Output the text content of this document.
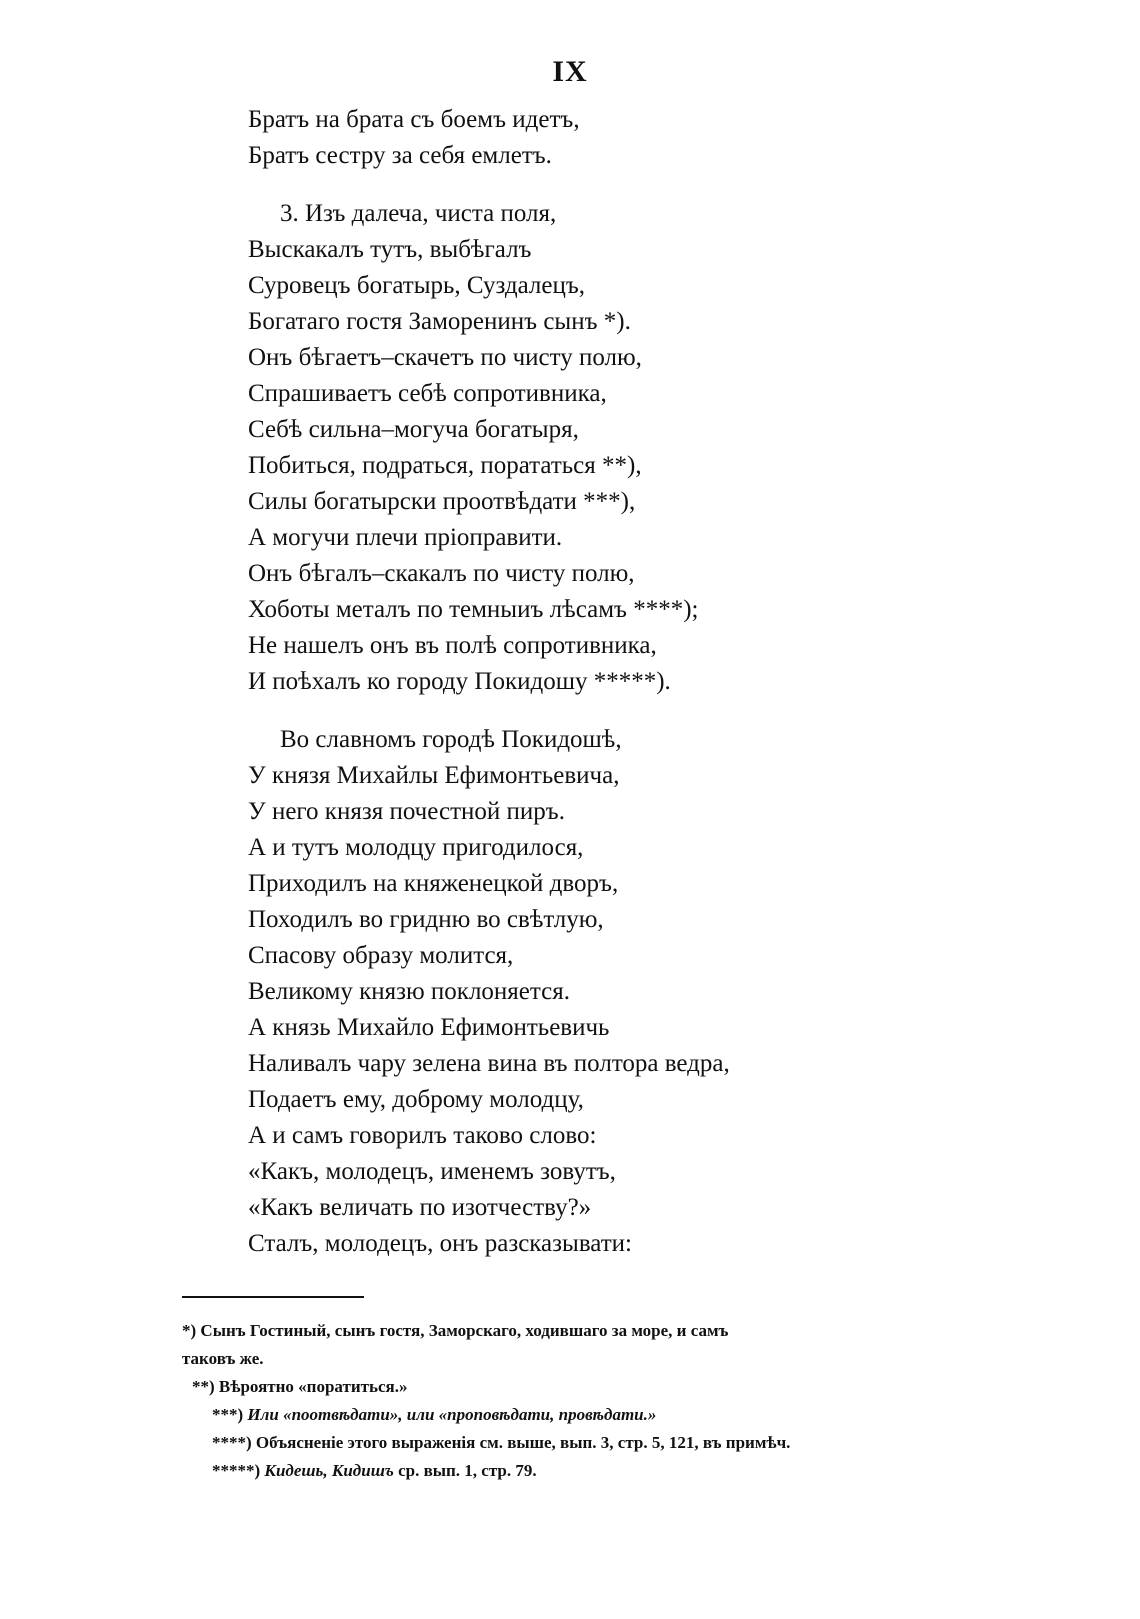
IX
Братъ на брата съ боемъ идетъ,
Братъ сестру за себя емлетъ.
3. Изъ далеча, чиста поля,
Выскакалъ тутъ, выбѣгалъ
Суровецъ богатырь, Суздалецъ,
Богатаго гостя Заморенинъ сынъ *).
Онъ бѣгаетъ–скачетъ по чисту полю,
Спрашиваетъ себѣ сопротивника,
Себѣ сильна–могуча богатыря,
Побиться, подраться, порататься **),
Силы богатырски проотвѣдати ***),
А могучи плечи прiоправити.
Онъ бѣгалъ–скакалъ по чисту полю,
Хоботы металъ по темныиъ лѣсамъ ****);
Не нашелъ онъ въ полѣ сопротивника,
И поѣхалъ ко городу Покидошу *****).
Во славномъ городѣ Покидошѣ,
У князя Михайлы Ефимонтьевича,
У него князя почестной пиръ.
А и тутъ молодцу пригодилося,
Приходилъ на княженецкой дворъ,
Походилъ во гридню во свѣтлую,
Спасову образу молится,
Великому князю поклоняется.
А князь Михайло Ефимонтьевичь
Наливалъ чару зелена вина въ полтора ведра,
Подаетъ ему, доброму молодцу,
А и самъ говорилъ таково слово:
«Какъ, молодецъ, именемъ зовутъ,
«Какъ величать по изотчеству?»
Сталъ, молодецъ, онъ разсказывати:
*) Сынъ Гостиный, сынъ гостя, Заморскаго, ходившаго за море, и самъ
таковъ же.
**) Вѣроятно «поратиться.»
***) Или «поотвѣдати», или «проповѣдати, провѣдати.»
****) Объясненiе этого выраженiя см. выше, вып. 3, стр. 5, 121, въ примѣч.
*****) Кидешь, Кидишъ ср. вып. 1, стр. 79.
